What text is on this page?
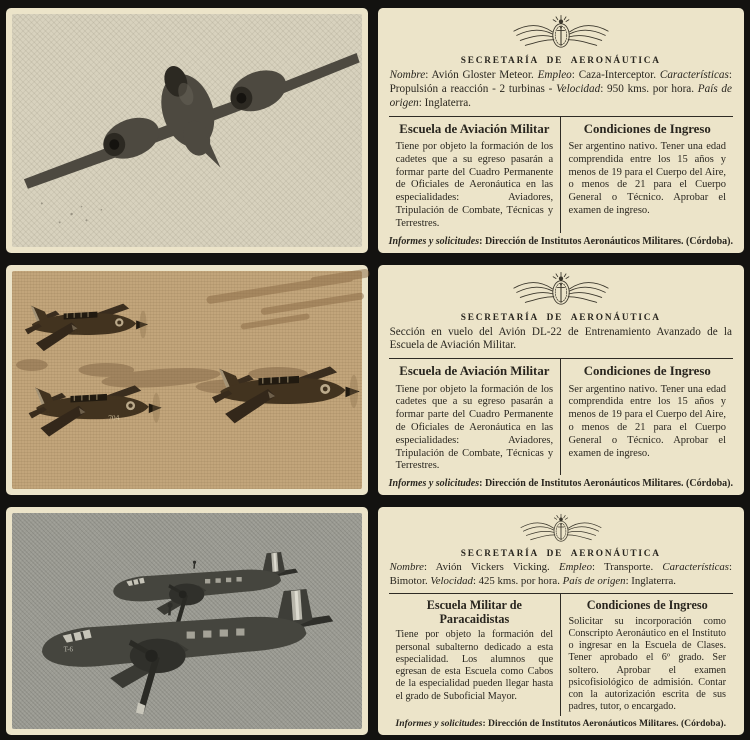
SECRETARÍA DE AERONÁUTICA

Nombre: Avión Gloster Meteor. Empleo: Caza-Interceptor. Características: Propulsión a reacción - 2 turbinas - Velocidad: 950 kms. por hora. País de origen: Inglaterra.

Escuela de Aviación Militar

Tiene por objeto la formación de los cadetes que a su egreso pasarán a formar parte del Cuadro Permanente de Oficiales de Aeronáutica en las especialidades: Aviadores, Tripulación de Combate, Técnicas y Terrestres.

Condiciones de Ingreso

Ser argentino nativo. Tener una edad comprendida entre los 15 años y menos de 19 para el Cuerpo del Aire, o menos de 21 para el Cuerpo General o Técnico. Aprobar el examen de ingreso.

Informes y solicitudes: Dirección de Institutos Aeronáuticos Militares. (Córdoba).

704
SECRETARÍA DE AERONÁUTICA

Sección en vuelo del Avión DL-22 de Entrenamiento Avanzado de la Escuela de Aviación Militar.

Escuela de Aviación Militar

Tiene por objeto la formación de los cadetes que a su egreso pasarán a formar parte del Cuadro Permanente de Oficiales de Aeronáutica en las especialidades: Aviadores, Tripulación de Combate, Técnicas y Terrestres.

Condiciones de Ingreso

Ser argentino nativo. Tener una edad comprendida entre los 15 años y menos de 19 para el Cuerpo del Aire, o menos de 21 para el Cuerpo General o Técnico. Aprobar el examen de ingreso.

Informes y solicitudes: Dirección de Institutos Aeronáuticos Militares. (Córdoba).

T-6
SECRETARÍA DE AERONÁUTICA

Nombre: Avión Vickers Vicking. Empleo: Transporte. Características: Bimotor. Velocidad: 425 kms. por hora. País de origen: Inglaterra.

Escuela Militar de Paracaidistas

Tiene por objeto la formación del personal subalterno dedicado a esta especialidad. Los alumnos que egresan de esta Escuela como Cabos de la especialidad pueden llegar hasta el grado de Suboficial Mayor.

Condiciones de Ingreso

Solicitar su incorporación como Conscripto Aeronáutico en el Instituto o ingresar en la Escuela de Clases. Tener aprobado el 6º grado. Ser soltero. Aprobar el examen psicofisiológico de admisión. Contar con la autorización escrita de sus padres, tutor, o encargado.

Informes y solicitudes: Dirección de Institutos Aeronáuticos Militares. (Córdoba).
